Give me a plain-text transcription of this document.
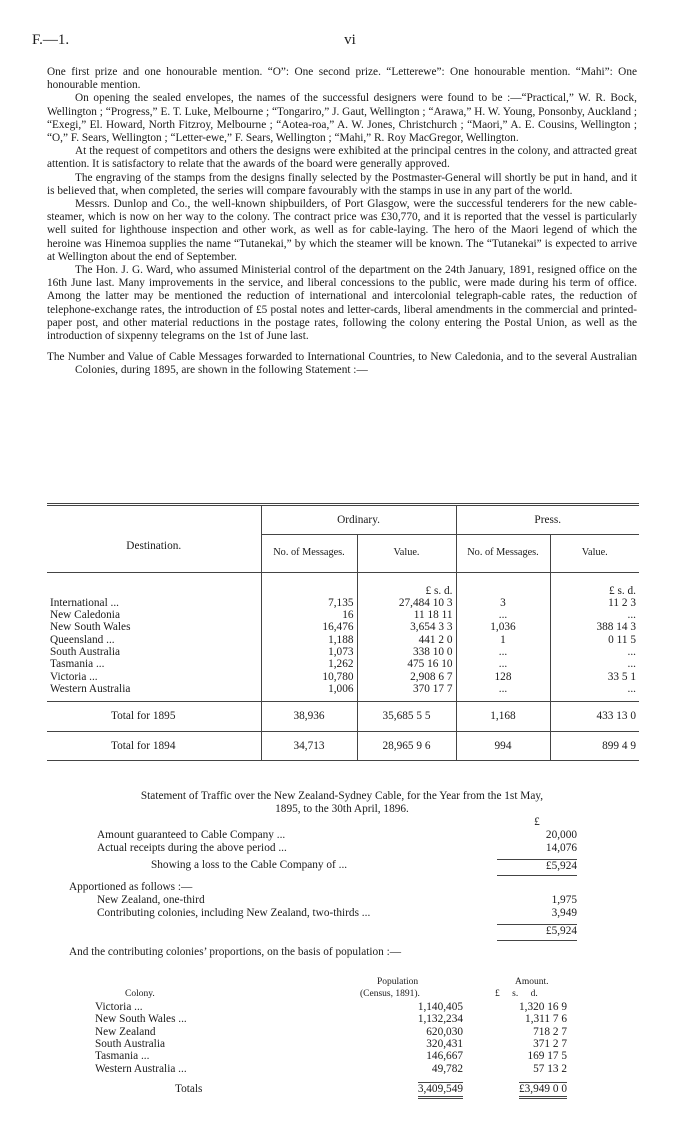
F.—1.	vi

One first prize and one honourable mention. “O”: One second prize. “Letterewe”: One honourable mention. “Mahi”: One honourable mention.

On opening the sealed envelopes, the names of the successful designers were found to be :—“Practical,” W. R. Bock, Wellington ; “Progress,” E. T. Luke, Melbourne ; “Tongariro,” J. Gaut, Wellington ; “Arawa,” H. W. Young, Ponsonby, Auckland ; “Exegi,” El. Howard, North Fitzroy, Melbourne ; “Aotea-roa,” A. W. Jones, Christchurch ; “Maori,” A. E. Cousins, Wellington ; “O,” F. Sears, Wellington ; “Letter-ewe,” F. Sears, Wellington ; “Mahi,” R. Roy MacGregor, Wellington.

At the request of competitors and others the designs were exhibited at the principal centres in the colony, and attracted great attention. It is satisfactory to relate that the awards of the board were generally approved.

The engraving of the stamps from the designs finally selected by the Postmaster-General will shortly be put in hand, and it is believed that, when completed, the series will compare favourably with the stamps in use in any part of the world.

Messrs. Dunlop and Co., the well-known shipbuilders, of Port Glasgow, were the successful tenderers for the new cable-steamer, which is now on her way to the colony. The contract price was £30,770, and it is reported that the vessel is particularly well suited for lighthouse inspection and other work, as well as for cable-laying. The hero of the Maori legend of which the heroine was Hinemoa supplies the name “Tutanekai,” by which the steamer will be known. The “Tutanekai” is expected to arrive at Wellington about the end of September.

The Hon. J. G. Ward, who assumed Ministerial control of the department on the 24th January, 1891, resigned office on the 16th June last. Many improvements in the service, and liberal concessions to the public, were made during his term of office. Among the latter may be mentioned the reduction of international and intercolonial telegraph-cable rates, the reduction of telephone-exchange rates, the introduction of £5 postal notes and letter-cards, liberal amendments in the commercial and printed-paper post, and other material reductions in the postage rates, following the colony entering the Postal Union, as well as the introduction of sixpenny telegrams on the 1st of June last.

The Number and Value of Cable Messages forwarded to International Countries, to New Caledonia, and to the several Australian Colonies, during 1895, are shown in the following Statement :—

Destination.	Ordinary.		Press.	
	No. of Messages.	Value.	No. of Messages.	Value.
		£ s. d.		£ s. d.
International ...	7,135	27,484 10 3	3	11 2 3
New Caledonia	16	11 18 11	...	...
New South Wales	16,476	3,654 3 3	1,036	388 14 3
Queensland ...	1,188	441 2 0	1	0 11 5
South Australia	1,073	338 10 0	...	...
Tasmania ...	1,262	475 16 10	...	...
Victoria ...	10,780	2,908 6 7	128	33 5 1
Western Australia	1,006	370 17 7	...	...
Total for 1895	38,936	35,685 5 5	1,168	433 13 0
Total for 1894	34,713	28,965 9 6	994	899 4 9
Statement of Traffic over the New Zealand-Sydney Cable, for the Year from the 1st May,
1895, to the 30th April, 1896.
£
Amount guaranteed to Cable Company ...	20,000
Actual receipts during the above period ...	14,076
Showing a loss to the Cable Company of ...	£5,924
Apportioned as follows :—
New Zealand, one-third	1,975
Contributing colonies, including New Zealand, two-thirds ...	3,949
£5,924
And the contributing colonies’ proportions, on the basis of population :—
Population	Amount.
Colony.	(Census, 1891).	£ s. d.
Victoria ...	1,140,405	1,320 16 9
New South Wales ...	1,132,234	1,311 7 6
New Zealand	620,030	718 2 7
South Australia	320,431	371 2 7
Tasmania ...	146,667	169 17 5
Western Australia ...	49,782	57 13 2
Totals	3,409,549	£3,949 0 0
